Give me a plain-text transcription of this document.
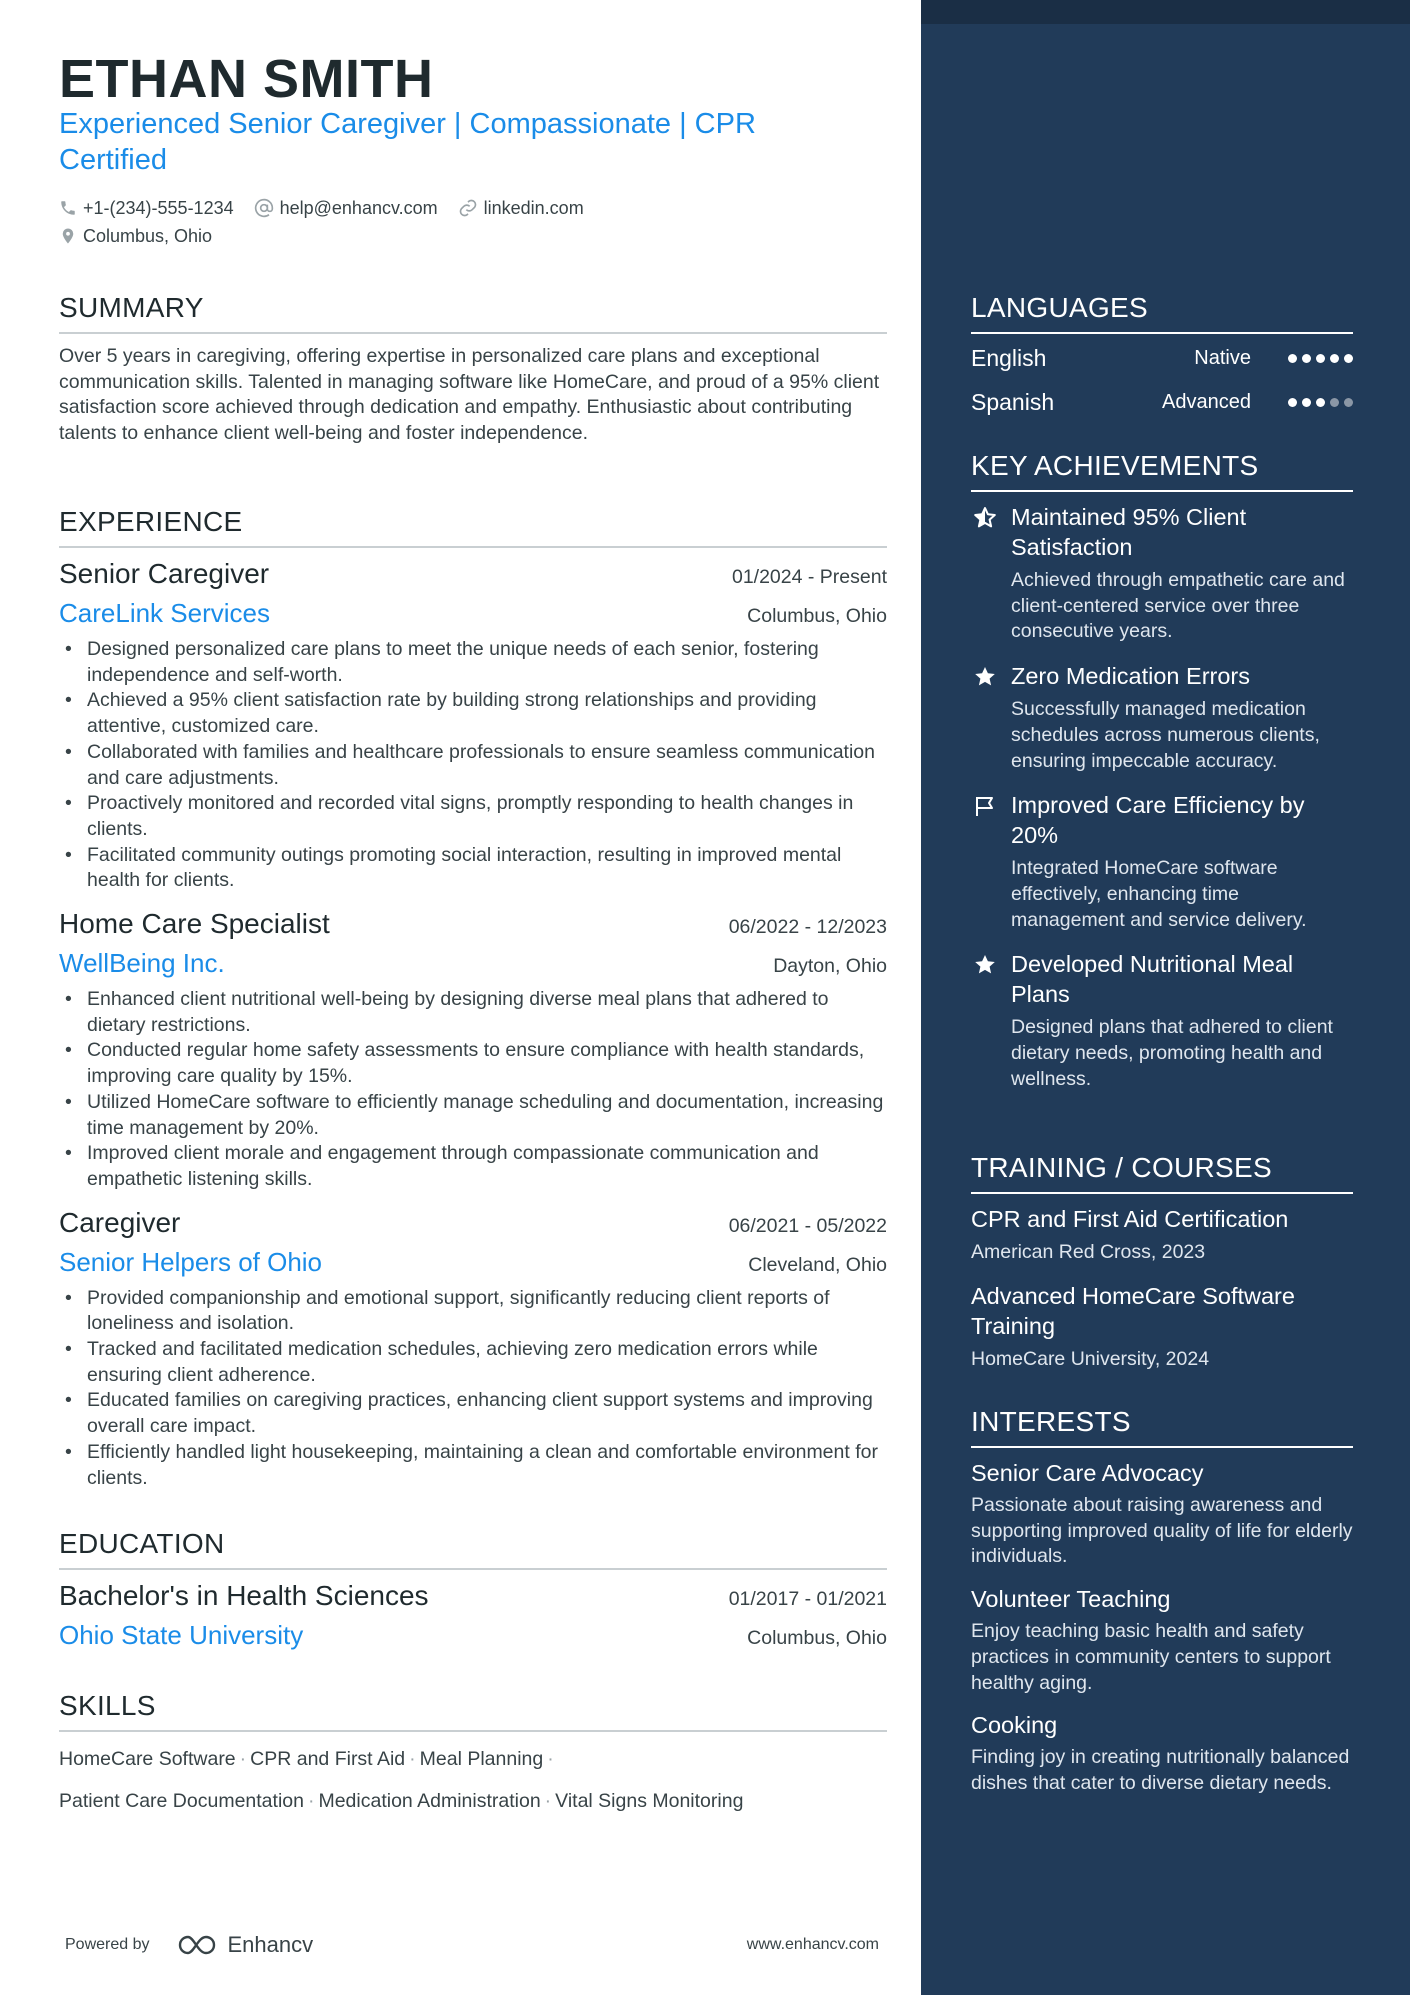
ETHAN SMITH
Experienced Senior Caregiver | Compassionate | CPR Certified
+1-(234)-555-1234	help@enhancv.com	linkedin.com
Columbus, Ohio
SUMMARY
Over 5 years in caregiving, offering expertise in personalized care plans and exceptional communication skills. Talented in managing software like HomeCare, and proud of a 95% client satisfaction score achieved through dedication and empathy. Enthusiastic about contributing talents to enhance client well-being and foster independence.
EXPERIENCE
Senior Caregiver	01/2024 - Present
CareLink Services	Columbus, Ohio
• Designed personalized care plans to meet the unique needs of each senior, fostering independence and self-worth.
• Achieved a 95% client satisfaction rate by building strong relationships and providing attentive, customized care.
• Collaborated with families and healthcare professionals to ensure seamless communication and care adjustments.
• Proactively monitored and recorded vital signs, promptly responding to health changes in clients.
• Facilitated community outings promoting social interaction, resulting in improved mental health for clients.
Home Care Specialist	06/2022 - 12/2023
WellBeing Inc.	Dayton, Ohio
• Enhanced client nutritional well-being by designing diverse meal plans that adhered to dietary restrictions.
• Conducted regular home safety assessments to ensure compliance with health standards, improving care quality by 15%.
• Utilized HomeCare software to efficiently manage scheduling and documentation, increasing time management by 20%.
• Improved client morale and engagement through compassionate communication and empathetic listening skills.
Caregiver	06/2021 - 05/2022
Senior Helpers of Ohio	Cleveland, Ohio
• Provided companionship and emotional support, significantly reducing client reports of loneliness and isolation.
• Tracked and facilitated medication schedules, achieving zero medication errors while ensuring client adherence.
• Educated families on caregiving practices, enhancing client support systems and improving overall care impact.
• Efficiently handled light housekeeping, maintaining a clean and comfortable environment for clients.
EDUCATION
Bachelor's in Health Sciences	01/2017 - 01/2021
Ohio State University	Columbus, Ohio
SKILLS
HomeCare Software · CPR and First Aid · Meal Planning ·
Patient Care Documentation · Medication Administration · Vital Signs Monitoring
Powered by	Enhancv	www.enhancv.com
LANGUAGES
English	Native
Spanish	Advanced
KEY ACHIEVEMENTS
Maintained 95% Client Satisfaction
Achieved through empathetic care and client-centered service over three consecutive years.
Zero Medication Errors
Successfully managed medication schedules across numerous clients, ensuring impeccable accuracy.
Improved Care Efficiency by 20%
Integrated HomeCare software effectively, enhancing time management and service delivery.
Developed Nutritional Meal Plans
Designed plans that adhered to client dietary needs, promoting health and wellness.
TRAINING / COURSES
CPR and First Aid Certification
American Red Cross, 2023
Advanced HomeCare Software Training
HomeCare University, 2024
INTERESTS
Senior Care Advocacy
Passionate about raising awareness and supporting improved quality of life for elderly individuals.
Volunteer Teaching
Enjoy teaching basic health and safety practices in community centers to support healthy aging.
Cooking
Finding joy in creating nutritionally balanced dishes that cater to diverse dietary needs.
